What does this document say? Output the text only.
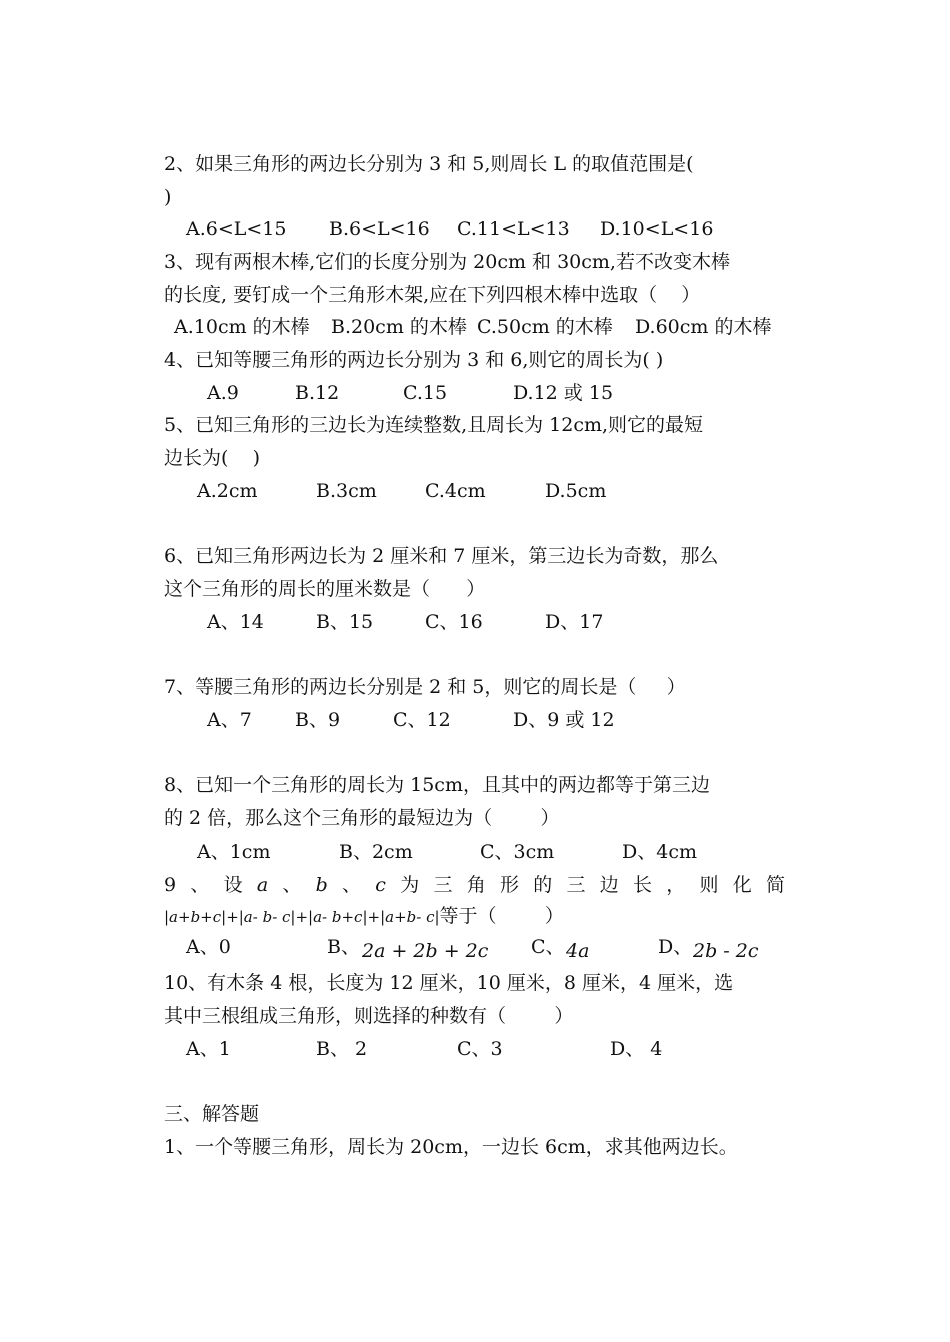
2、如果三角形的两边长分别为 3 和 5,则周长 L 的取值范围是(
)
A.6<L<15 B.6<L<16 C.11<L<13 D.10<L<16
3、现有两根木棒,它们的长度分别为 20cm 和 30cm,若不改变木棒
的长度, 要钉成一个三角形木架,应在下列四根木棒中选取（    ）
A.10cm 的木棒 B.20cm 的木棒 C.50cm 的木棒 D.60cm 的木棒
4、已知等腰三角形的两边长分别为 3 和 6,则它的周长为( )
A.9	B.12	C.15	D.12 或 15
5、已知三角形的三边长为连续整数,且周长为 12cm,则它的最短
边长为(    )
A.2cm	B.3cm	C.4cm	D.5cm
6、已知三角形两边长为 2 厘米和 7 厘米，第三边长为奇数，那么
这个三角形的周长的厘米数是（      ）
A、14	B、15	C、16	D、17
7、等腰三角形的两边长分别是 2 和 5，则它的周长是（     ）
A、7 B、9	C、12	D、9 或 12
8、已知一个三角形的周长为 15cm，且其中的两边都等于第三边
的 2 倍，那么这个三角形的最短边为（        ）
A、1cm	B、2cm	C、3cm	D、4cm
9 、 设 a 、 b 、 c 为 三 角 形 的 三 边 长 ， 则 化 简
|a+b+c|+|a- b- c|+|a- b+c|+|a+b- c|等于（        ）
A、0	B、 2a + 2b + 2c C、 4a	D、 2b - 2c
10、有木条 4 根，长度为 12 厘米，10 厘米，8 厘米，4 厘米，选
其中三根组成三角形，则选择的种数有（        ）
A、1	B、 2	C、3	D、 4
三、解答题
1、一个等腰三角形，周长为 20cm，一边长 6cm，求其他两边长。
